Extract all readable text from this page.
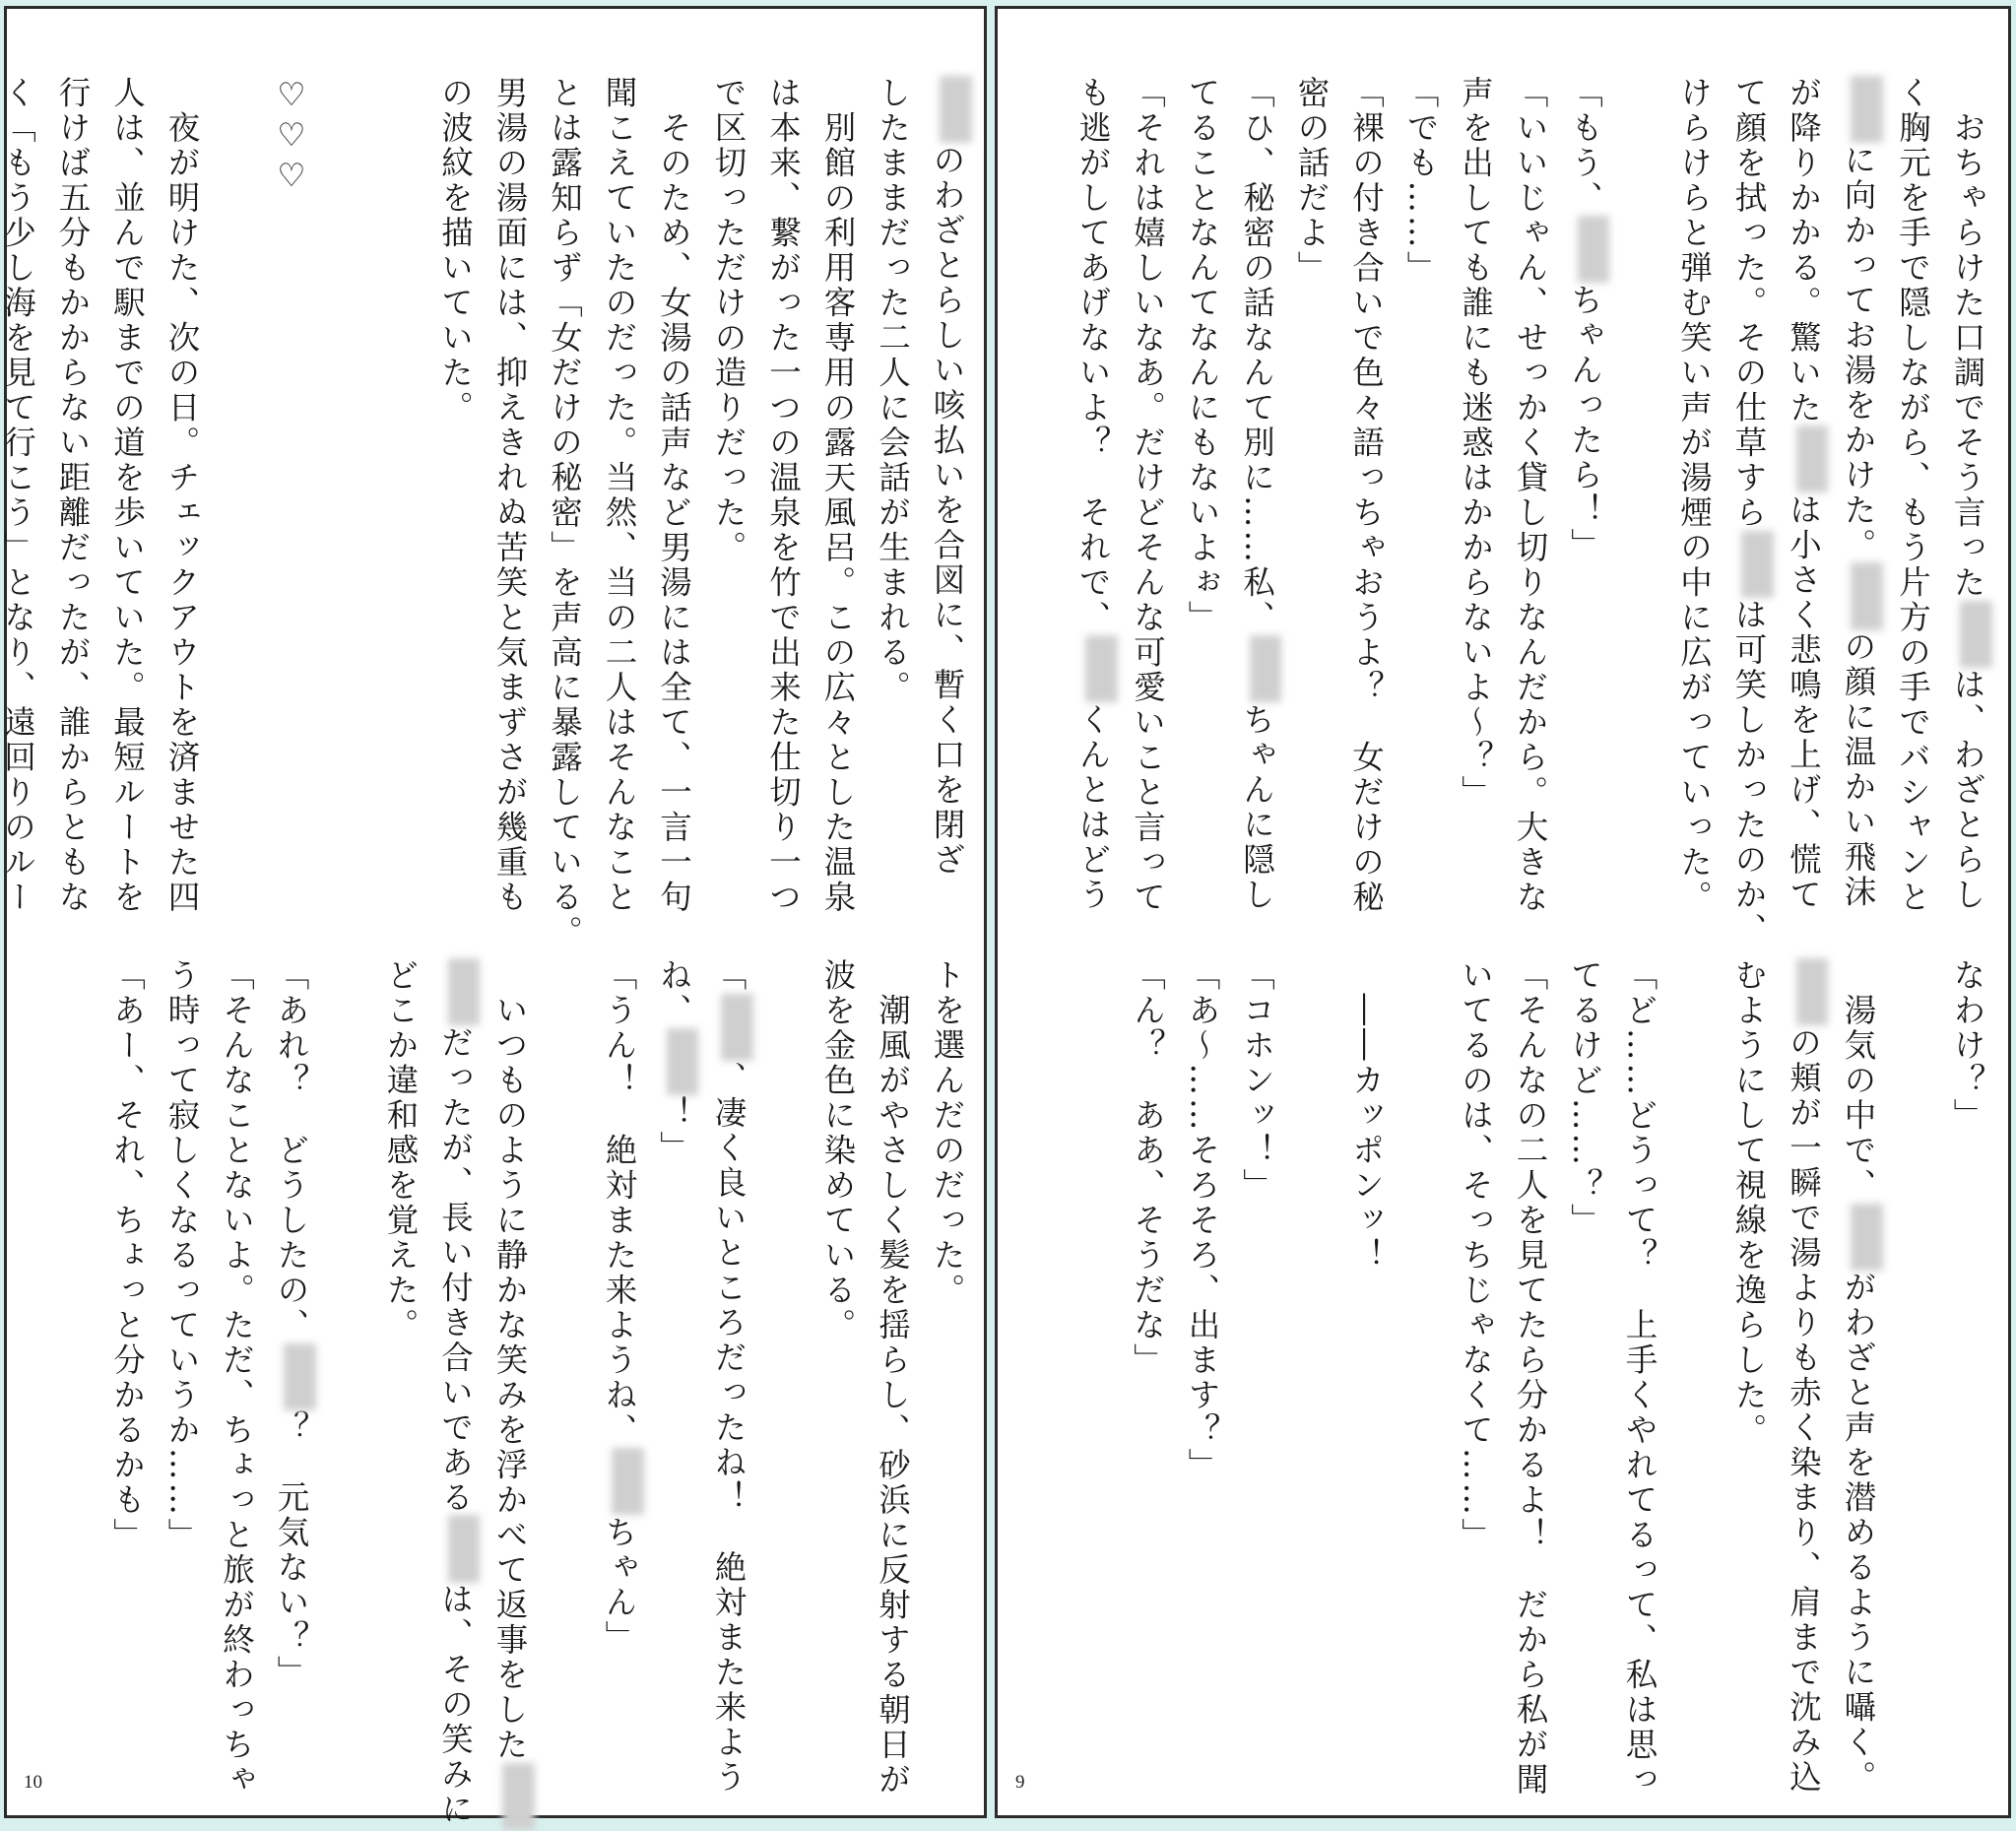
のわざとらしい咳払いを合図に、暫く口を閉ざ
したままだった二人に会話が生まれる。
　別館の利用客専用の露天風呂。この広々とした温泉
は本来、繋がった一つの温泉を竹で出来た仕切り一つ
で区切っただけの造りだった。
　そのため、女湯の話声など男湯には全て、一言一句
聞こえていたのだった。当然、当の二人はそんなこと
とは露知らず「女だけの秘密」を声高に暴露している。
男湯の湯面には、抑えきれぬ苦笑と気まずさが幾重も
の波紋を描いていた。
♡♡♡
　夜が明けた、次の日。チェックアウトを済ませた四
人は、並んで駅までの道を歩いていた。最短ルートを
行けば五分もかからない距離だったが、誰からともな
く「もう少し海を見て行こう」となり、遠回りのルー
トを選んだのだった。
　潮風がやさしく髪を揺らし、砂浜に反射する朝日が
波を金色に染めている。
「、凄く良いところだったね！　絶対また来よう
ね、！」
「うん！　絶対また来ようね、ちゃん」
　いつものように静かな笑みを浮かべて返事をした
だったが、長い付き合いであるは、その笑みに
どこか違和感を覚えた。
「あれ？　どうしたの、？　元気ない？」
「そんなことないよ。ただ、ちょっと旅が終わっちゃ
う時って寂しくなるっていうか……」
「あー、それ、ちょっと分かるかも」
10
　おちゃらけた口調でそう言ったは、わざとらし
く胸元を手で隠しながら、もう片方の手でバシャンと
に向かってお湯をかけた。の顔に温かい飛沫
が降りかかる。驚いたは小さく悲鳴を上げ、慌て
て顔を拭った。その仕草すらは可笑しかったのか、
けらけらと弾む笑い声が湯煙の中に広がっていった。
「もう、ちゃんったら！」
「いいじゃん、せっかく貸し切りなんだから。大きな
声を出しても誰にも迷惑はかからないよ～？」
「でも……」
「裸の付き合いで色々語っちゃおうよ？　女だけの秘
密の話だよ」
「ひ、秘密の話なんて別に……私、ちゃんに隠し
てることなんてなんにもないよぉ」
「それは嬉しいなあ。だけどそんな可愛いこと言って
も逃がしてあげないよ？　それで、くんとはどう
なわけ？」
　湯気の中で、がわざと声を潜めるように囁く。
の頬が一瞬で湯よりも赤く染まり、肩まで沈み込
むようにして視線を逸らした。
「ど……どうって？　上手くやれてるって、私は思っ
てるけど……？」
「そんなの二人を見てたら分かるよ！　だから私が聞
いてるのは、そっちじゃなくて……」
　――カッポンッ！
「コホンッ！」
「あ～……そろそろ、出ます？」
「ん？　ああ、そうだな」
9
